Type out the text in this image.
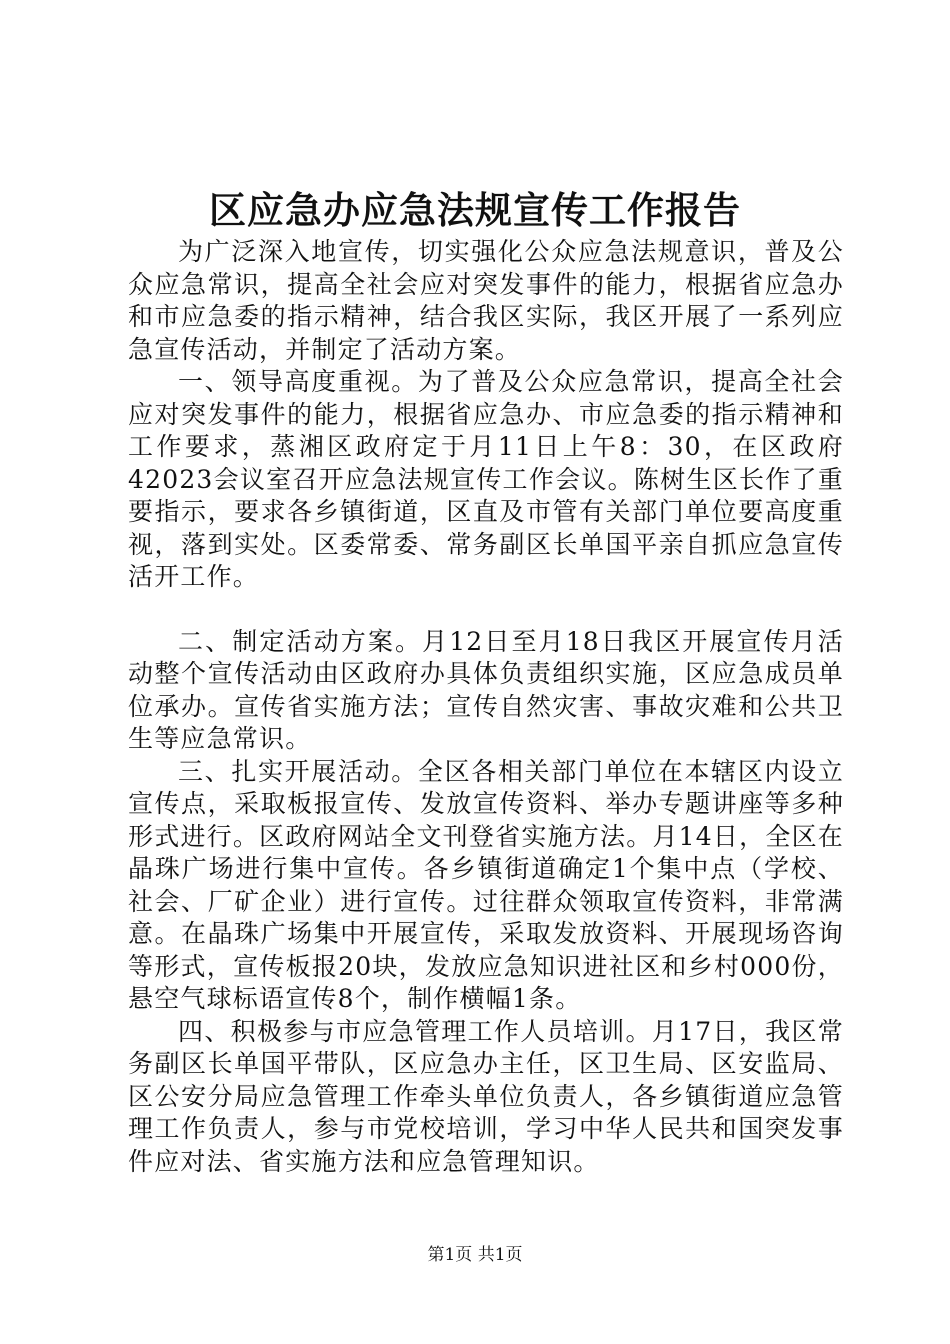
区应急办应急法规宣传工作报告

为广泛深入地宣传，切实强化公众应急法规意识，普及公众应急常识，提高全社会应对突发事件的能力，根据省应急办和市应急委的指示精神，结合我区实际，我区开展了一系列应急宣传活动，并制定了活动方案。

一、领导高度重视。为了普及公众应急常识，提高全社会应对突发事件的能力，根据省应急办、市应急委的指示精神和工作要求，蒸湘区政府定于月11日上午8：30，在区政府42023会议室召开应急法规宣传工作会议。陈树生区长作了重要指示，要求各乡镇街道，区直及市管有关部门单位要高度重视，落到实处。区委常委、常务副区长单国平亲自抓应急宣传活开工作。

二、制定活动方案。月12日至月18日我区开展宣传月活动整个宣传活动由区政府办具体负责组织实施，区应急成员单位承办。宣传省实施方法；宣传自然灾害、事故灾难和公共卫生等应急常识。

三、扎实开展活动。全区各相关部门单位在本辖区内设立宣传点，采取板报宣传、发放宣传资料、举办专题讲座等多种形式进行。区政府网站全文刊登省实施方法。月14日，全区在晶珠广场进行集中宣传。各乡镇街道确定1个集中点（学校、社会、厂矿企业）进行宣传。过往群众领取宣传资料，非常满意。在晶珠广场集中开展宣传，采取发放资料、开展现场咨询等形式，宣传板报20块，发放应急知识进社区和乡村000份，悬空气球标语宣传8个，制作横幅1条。

四、积极参与市应急管理工作人员培训。月17日，我区常务副区长单国平带队，区应急办主任，区卫生局、区安监局、区公安分局应急管理工作牵头单位负责人，各乡镇街道应急管理工作负责人，参与市党校培训，学习中华人民共和国突发事件应对法、省实施方法和应急管理知识。

第1页 共1页
